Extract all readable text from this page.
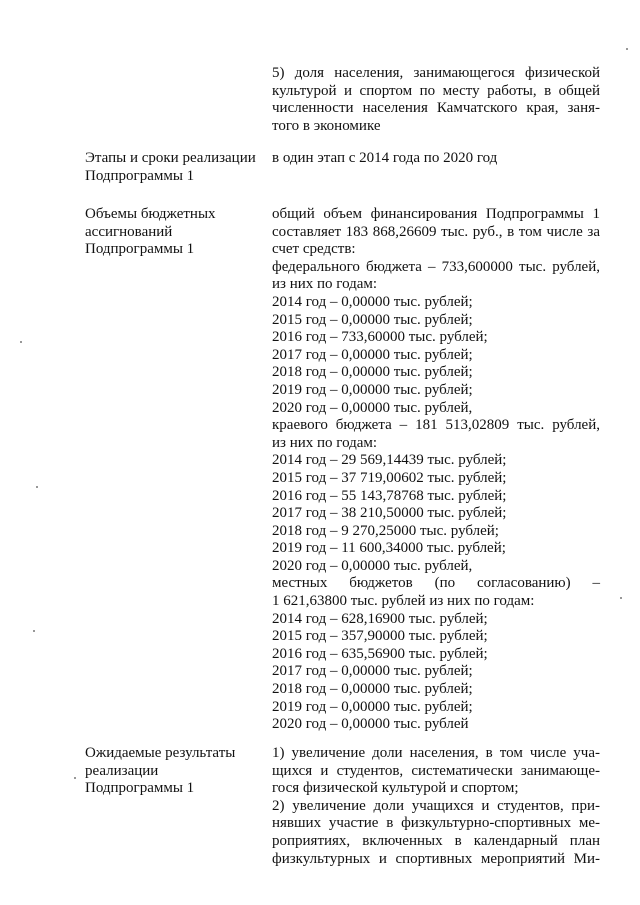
Этапы и сроки реализации
Подпрограммы 1
Объемы бюджетных
ассигнований
Подпрограммы 1
Ожидаемые результаты
реализации
Подпрограммы 1
5) доля населения, занимающегося физической
культурой и спортом по месту работы, в общей
численности населения Камчатского края, заня-
того в экономике
в один этап с 2014 года по 2020 год
общий объем финансирования Подпрограммы 1
составляет 183 868,26609 тыс. руб., в том числе за
счет средств:
федерального бюджета – 733,600000 тыс. рублей,
из них по годам:
2014 год – 0,00000 тыс. рублей;
2015 год – 0,00000 тыс. рублей;
2016 год – 733,60000 тыс. рублей;
2017 год – 0,00000 тыс. рублей;
2018 год – 0,00000 тыс. рублей;
2019 год – 0,00000 тыс. рублей;
2020 год – 0,00000 тыс. рублей,
краевого бюджета – 181 513,02809 тыс. рублей,
из них по годам:
2014 год – 29 569,14439 тыс. рублей;
2015 год – 37 719,00602 тыс. рублей;
2016 год – 55 143,78768 тыс. рублей;
2017 год – 38 210,50000 тыс. рублей;
2018 год – 9 270,25000 тыс. рублей;
2019 год – 11 600,34000 тыс. рублей;
2020 год – 0,00000 тыс. рублей,
местных бюджетов (по согласованию) –
1 621,63800 тыс. рублей из них по годам:
2014 год – 628,16900 тыс. рублей;
2015 год – 357,90000 тыс. рублей;
2016 год – 635,56900 тыс. рублей;
2017 год – 0,00000 тыс. рублей;
2018 год – 0,00000 тыс. рублей;
2019 год – 0,00000 тыс. рублей;
2020 год – 0,00000 тыс. рублей
1) увеличение доли населения, в том числе уча-
щихся и студентов, систематически занимающе-
гося физической культурой и спортом;
2) увеличение доли учащихся и студентов, при-
нявших участие в физкультурно-спортивных ме-
роприятиях, включенных в календарный план
физкультурных и спортивных мероприятий Ми-
